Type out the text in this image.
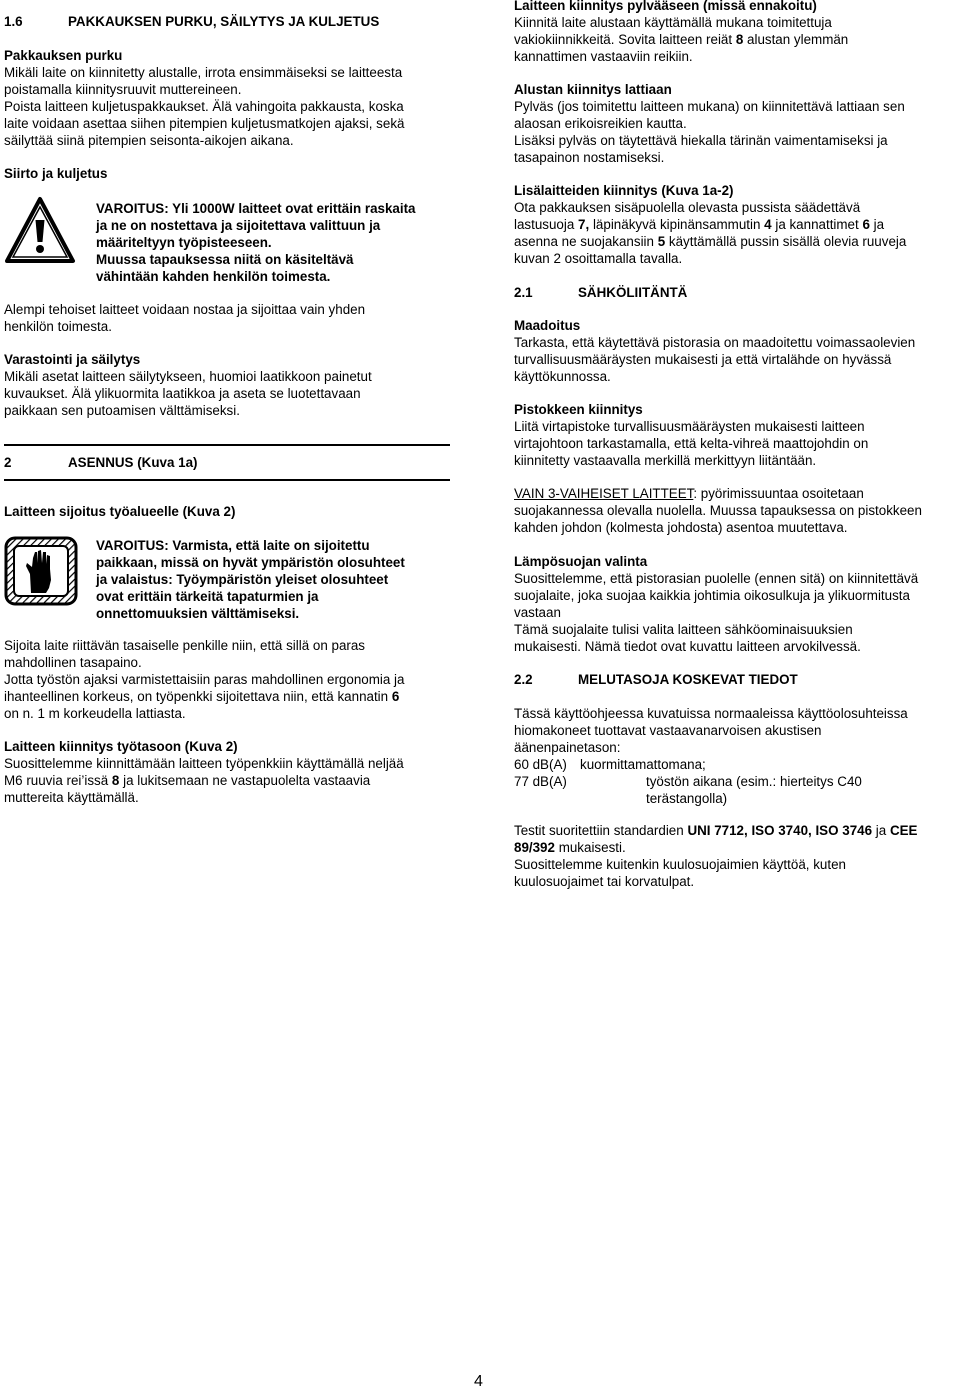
1.6	PAKKAUKSEN PURKU, SÄILYTYS JA KULJETUS
Pakkauksen purku
Mikäli laite on kiinnitetty alustalle, irrota ensimmäiseksi se laitteesta
poistamalla kiinnitysruuvit muttereineen.
Poista laitteen kuljetuspakkaukset. Älä vahingoita pakkausta, koska
laite voidaan asettaa siihen pitempien kuljetusmatkojen ajaksi, sekä
säilyttää siinä pitempien seisonta-aikojen aikana.
Siirto ja kuljetus
VAROITUS: Yli 1000W laitteet ovat erittäin raskaita
ja ne on nostettava ja sijoitettava valittuun ja
määriteltyyn työpisteeseen.
Muussa tapauksessa niitä on käsiteltävä
vähintään kahden henkilön toimesta.
Alempi tehoiset laitteet voidaan nostaa ja sijoittaa vain yhden
henkilön toimesta.
Varastointi ja säilytys
Mikäli asetat laitteen säilytykseen, huomioi laatikkoon painetut
kuvaukset. Älä ylikuormita laatikkoa ja aseta se luotettavaan
paikkaan sen putoamisen välttämiseksi.
2	ASENNUS (Kuva 1a)
Laitteen sijoitus työalueelle (Kuva 2)
VAROITUS: Varmista, että laite on sijoitettu
paikkaan, missä on hyvät ympäristön olosuhteet
ja valaistus: Työympäristön yleiset olosuhteet
ovat erittäin tärkeitä tapaturmien ja
onnettomuuksien välttämiseksi.
Sijoita laite riittävän tasaiselle penkille niin, että sillä on paras
mahdollinen tasapaino.
Jotta työstön ajaksi varmistettaisiin paras mahdollinen ergonomia ja
ihanteellinen korkeus, on työpenkki sijoitettava niin, että kannatin 6
on n. 1 m korkeudella lattiasta.
Laitteen kiinnitys työtasoon (Kuva 2)
Suosittelemme kiinnittämään laitteen työpenkkiin käyttämällä neljää
M6 ruuvia rei’issä 8 ja lukitsemaan ne vastapuolelta vastaavia
muttereita käyttämällä.
Laitteen kiinnitys pylvääseen (missä ennakoitu)
Kiinnitä laite alustaan käyttämällä mukana toimitettuja
vakiokiinnikkeitä. Sovita laitteen reiät 8 alustan ylemmän
kannattimen vastaaviin reikiin.
Alustan kiinnitys lattiaan
Pylväs (jos toimitettu laitteen mukana) on kiinnitettävä lattiaan sen
alaosan erikoisreikien kautta.
Lisäksi pylväs on täytettävä hiekalla tärinän vaimentamiseksi ja
tasapainon nostamiseksi.
Lisälaitteiden kiinnitys (Kuva 1a-2)
Ota pakkauksen sisäpuolella olevasta pussista säädettävä
lastusuoja 7, läpinäkyvä kipinänsammutin 4 ja kannattimet 6 ja
asenna ne suojakansiin 5 käyttämällä pussin sisällä olevia ruuveja
kuvan 2 osoittamalla tavalla.
2.1	SÄHKÖLIITÄNTÄ
Maadoitus
Tarkasta, että käytettävä pistorasia on maadoitettu voimassaolevien
turvallisuusmääräysten mukaisesti ja että virtalähde on hyvässä
käyttökunnossa.
Pistokkeen kiinnitys
Liitä virtapistoke turvallisuusmääräysten mukaisesti laitteen
virtajohtoon tarkastamalla, että kelta-vihreä maattojohdin on
kiinnitetty vastaavalla merkillä merkittyyn liitäntään.
VAIN 3-VAIHEISET LAITTEET: pyörimissuuntaa osoitetaan
suojakannessa olevalla nuolella. Muussa tapauksessa on pistokkeen
kahden johdon (kolmesta johdosta) asentoa muutettava.
Lämpösuojan valinta
Suosittelemme, että pistorasian puolelle (ennen sitä) on kiinnitettävä
suojalaite, joka suojaa kaikkia johtimia oikosulkuja ja ylikuormitusta
vastaan
Tämä suojalaite tulisi valita laitteen sähköominaisuuksien
mukaisesti. Nämä tiedot ovat kuvattu laitteen arvokilvessä.
2.2	MELUTASOJA KOSKEVAT TIEDOT
Tässä käyttöohjeessa kuvatuissa normaaleissa käyttöolosuhteissa
hiomakoneet tuottavat vastaavanarvoisen akustisen
äänenpainetason:
60 dB(A) kuormittamattomana;
77 dB(A)	työstön aikana (esim.: hierteitys C40
terästangolla)
Testit suoritettiin standardien UNI 7712, ISO 3740, ISO 3746 ja CEE
89/392 mukaisesti.
Suosittelemme kuitenkin kuulosuojaimien käyttöä, kuten
kuulosuojaimet tai korvatulpat.
4
